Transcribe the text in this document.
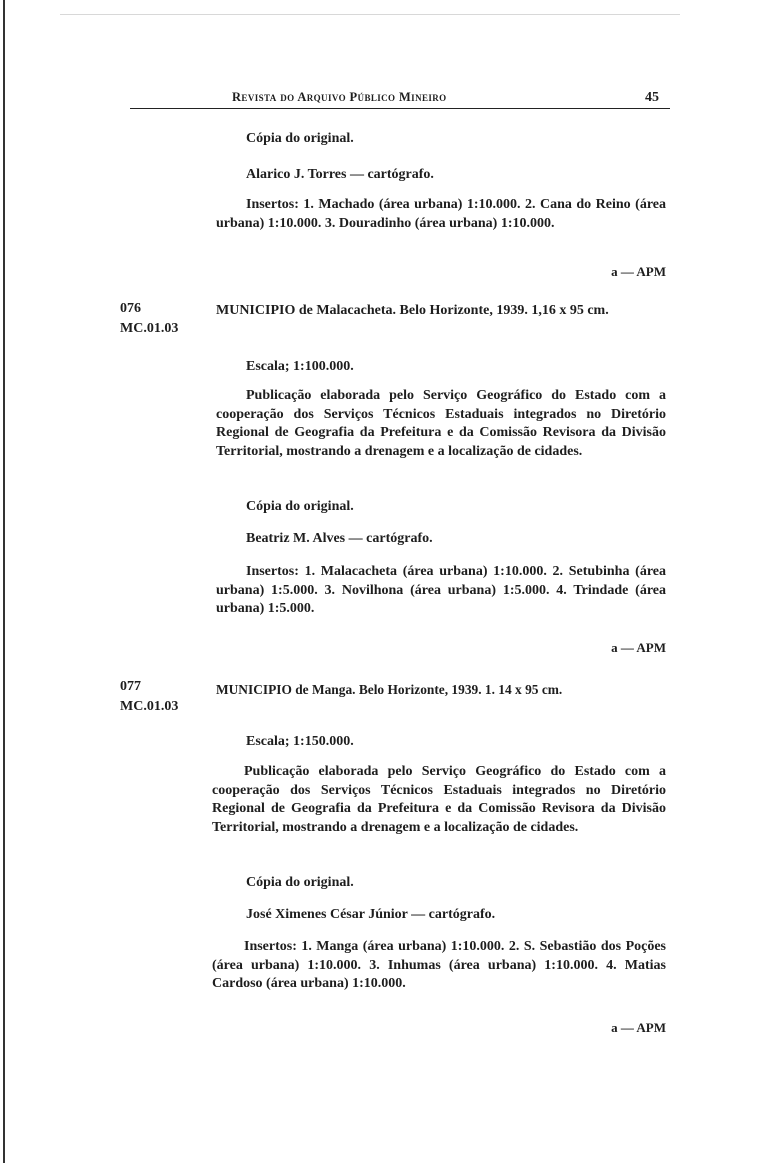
Revista do Arquivo Público Mineiro	45

Cópia do original.

Alarico J. Torres — cartógrafo.

Insertos: 1. Machado (área urbana) 1:10.000. 2. Cana do Reino (área urbana) 1:10.000. 3. Douradinho (área urbana) 1:10.000.

a — APM
076
MC.01.03

MUNICIPIO de Malacacheta. Belo Horizonte, 1939. 1,16 x 95 cm.

Escala; 1:100.000.

Publicação elaborada pelo Serviço Geográfico do Estado com a cooperação dos Serviços Técnicos Estaduais integrados no Diretório Regional de Geografia da Prefeitura e da Comissão Revisora da Divisão Territorial, mostrando a drenagem e a localização de cidades.

Cópia do original.

Beatriz M. Alves — cartógrafo.

Insertos: 1. Malacacheta (área urbana) 1:10.000. 2. Setubinha (área urbana) 1:5.000. 3. Novilhona (área urbana) 1:5.000. 4. Trindade (área urbana) 1:5.000.

a — APM
077
MC.01.03

MUNICIPIO de Manga. Belo Horizonte, 1939. 1. 14 x 95 cm.

Escala; 1:150.000.

Publicação elaborada pelo Serviço Geográfico do Estado com a cooperação dos Serviços Técnicos Estaduais integrados no Diretório Regional de Geografia da Prefeitura e da Comissão Revisora da Divisão Territorial, mostrando a drenagem e a localização de cidades.

Cópia do original.

José Ximenes César Júnior — cartógrafo.

Insertos: 1. Manga (área urbana) 1:10.000. 2. S. Sebastião dos Poções (área urbana) 1:10.000. 3. Inhumas (área urbana) 1:10.000. 4. Matias Cardoso (área urbana) 1:10.000.

a — APM
